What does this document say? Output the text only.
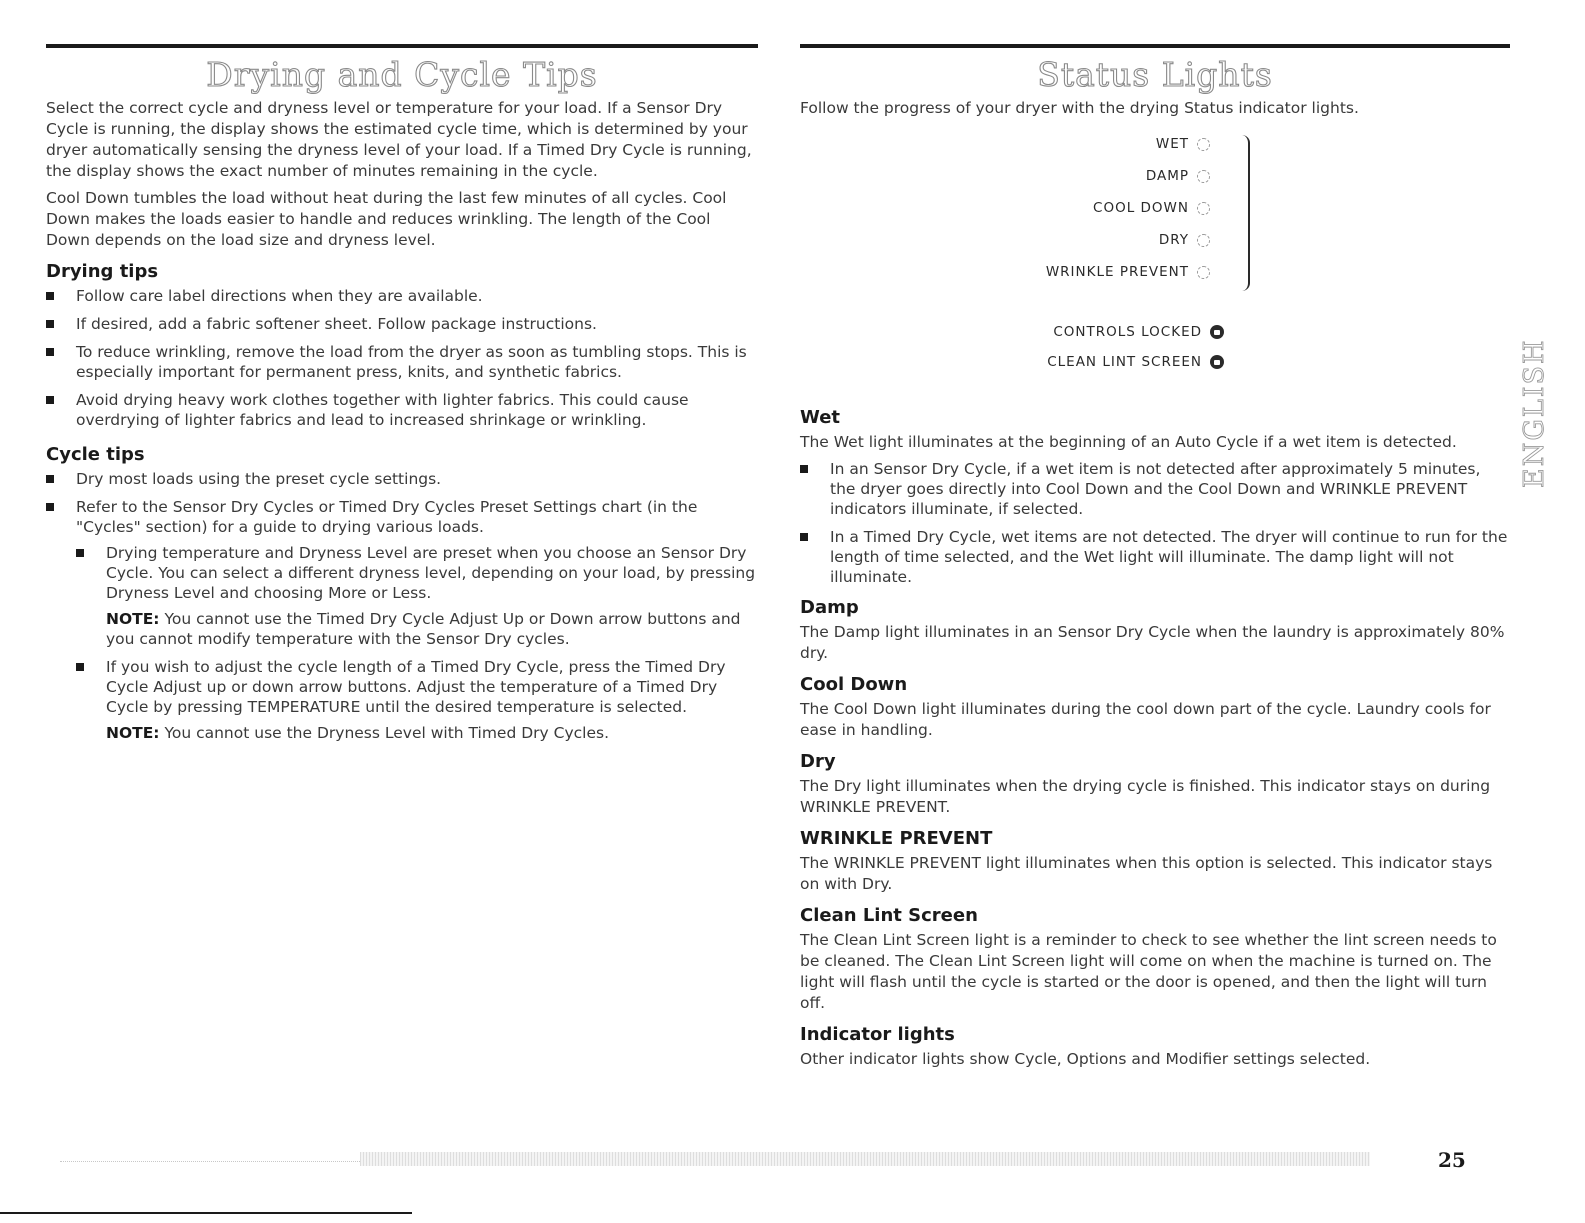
Drying and Cycle Tips

Select the correct cycle and dryness level or temperature for your load. If a Sensor Dry Cycle is running, the display shows the estimated cycle time, which is determined by your dryer automatically sensing the dryness level of your load. If a Timed Dry Cycle is running, the display shows the exact number of minutes remaining in the cycle.

Cool Down tumbles the load without heat during the last few minutes of all cycles. Cool Down makes the loads easier to handle and reduces wrinkling. The length of the Cool Down depends on the load size and dryness level.

Drying tips
Follow care label directions when they are available.
If desired, add a fabric softener sheet. Follow package instructions.
To reduce wrinkling, remove the load from the dryer as soon as tumbling stops. This is especially important for permanent press, knits, and synthetic fabrics.
Avoid drying heavy work clothes together with lighter fabrics. This could cause overdrying of lighter fabrics and lead to increased shrinkage or wrinkling.
Cycle tips
Dry most loads using the preset cycle settings.
Refer to the Sensor Dry Cycles or Timed Dry Cycles Preset Settings chart (in the "Cycles" section) for a guide to drying various loads.
Drying temperature and Dryness Level are preset when you choose an Sensor Dry Cycle. You can select a different dryness level, depending on your load, by pressing Dryness Level and choosing More or Less.
NOTE: You cannot use the Timed Dry Cycle Adjust Up or Down arrow buttons and you cannot modify temperature with the Sensor Dry cycles.
If you wish to adjust the cycle length of a Timed Dry Cycle, press the Timed Dry Cycle Adjust up or down arrow buttons. Adjust the temperature of a Timed Dry Cycle by pressing TEMPERATURE until the desired temperature is selected.
NOTE: You cannot use the Dryness Level with Timed Dry Cycles.
Status Lights

Follow the progress of your dryer with the drying Status indicator lights.

WET
DAMP
COOL DOWN
DRY
WRINKLE PREVENT
CONTROLS LOCKED
CLEAN LINT SCREEN
Wet

The Wet light illuminates at the beginning of an Auto Cycle if a wet item is detected.

In an Sensor Dry Cycle, if a wet item is not detected after approximately 5 minutes, the dryer goes directly into Cool Down and the Cool Down and WRINKLE PREVENT indicators illuminate, if selected.
In a Timed Dry Cycle, wet items are not detected. The dryer will continue to run for the length of time selected, and the Wet light will illuminate. The damp light will not illuminate.
Damp

The Damp light illuminates in an Sensor Dry Cycle when the laundry is approximately 80% dry.

Cool Down

The Cool Down light illuminates during the cool down part of the cycle. Laundry cools for ease in handling.

Dry

The Dry light illuminates when the drying cycle is finished. This indicator stays on during WRINKLE PREVENT.

WRINKLE PREVENT

The WRINKLE PREVENT light illuminates when this option is selected. This indicator stays on with Dry.

Clean Lint Screen

The Clean Lint Screen light is a reminder to check to see whether the lint screen needs to be cleaned. The Clean Lint Screen light will come on when the machine is turned on. The light will flash until the cycle is started or the door is opened, and then the light will turn off.

Indicator lights

Other indicator lights show Cycle, Options and Modifier settings selected.

ENGLISH
25
